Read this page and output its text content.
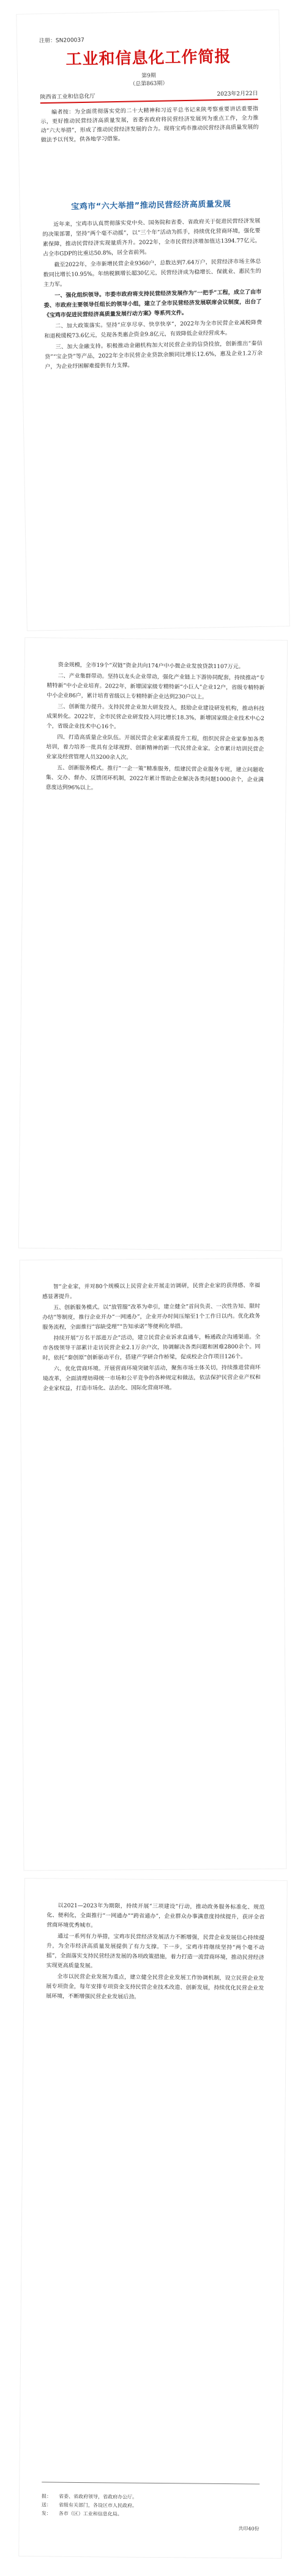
注册：SN200037
工业和信息化工作简报
第9期
（总第863期）
陕西省工业和信息化厅	2023年2月22日
编者按：为全面贯彻落实党的二十大精神和习近平总书记来陕考察重要讲话重要指示，更好推动民营经济高质量发展，省委省政府将民营经济发展列为重点工作，全力推动“六大举措”，形成了推动民营经济发展的合力。现将宝鸡市推动民营经济高质量发展的做法予以刊发，供各地学习借鉴。
宝鸡市“六大举措”推动民营经济高质量发展

近年来，宝鸡市认真贯彻落实党中央、国务院和省委、省政府关于促进民营经济发展的决策部署，坚持“两个毫不动摇”，以“三个年”活动为抓手，持续优化营商环境，强化要素保障，推动民营经济实现量质齐升。2022年，全市民营经济增加值达1394.77亿元，占全市GDP的比重达50.8%，居全省前列。

截至2022年，全市新增民营企业9360户，总数达到7.64万户，民营经济市场主体总数同比增长10.95%。年纳税额增长超30亿元，民营经济成为稳增长、保就业、惠民生的主力军。

一、强化组织领导。市委市政府将支持民营经济发展作为“一把手”工程，成立了由市委、市政府主要领导任组长的领导小组，建立了全市民营经济发展联席会议制度，出台了《宝鸡市促进民营经济高质量发展行动方案》等系列文件。

二、加大政策落实。坚持“应享尽享、快享快享”，2022年为全市民营企业减税降费和退税缓税73.6亿元，兑现各类惠企资金9.8亿元，有效降低企业经营成本。

三、加大金融支持。积极推动金融机构加大对民营企业的信贷投放，创新推出“秦信贷”“宝企贷”等产品，2022年全市民营企业贷款余额同比增长12.6%，惠及企业1.2万余户，为企业纾困解难提供有力支撑。

资金规模，全市19个“双链”资金共向174户中小微企业发放贷款1107万元。

二、产业集群带动。坚持以龙头企业带动，强化产业链上下游协同配套，持续推动“专精特新”中小企业培育。2022年，新增国家级专精特新“小巨人”企业12户，省级专精特新中小企业86户，累计培育省级以上专精特新企业达到230户以上。

三、创新能力提升。支持民营企业加大研发投入，鼓励企业建设研发机构，推动科技成果转化。2022年，全市民营企业研发投入同比增长18.3%，新增国家级企业技术中心2个，省级企业技术中心16个。

四、打造高质量企业队伍。开展民营企业家素质提升工程，组织民营企业家参加各类培训，着力培养一批具有全球视野、创新精神的新一代民营企业家。全市累计培训民营企业家及经营管理人员3200余人次。

五、创新服务模式。推行“一企一策”精准服务，组建民营企业服务专班，建立问题收集、交办、督办、反馈闭环机制，2022年累计帮助企业解决各类问题1000余个，企业满意度达到96%以上。

智”企业家，并对80个规模以上民营企业开展走访调研，民营企业家的获得感、幸福感显著提升。

五、创新服务模式。以“放管服”改革为牵引，建立健全“首问负责、一次性告知、限时办结”等制度，推行企业开办“一网通办”，企业开办时间压缩至1个工作日以内。优化政务服务流程，全面推行“容缺受理”“告知承诺”等便利化举措。

持续开展“万名干部进万企”活动，建立民营企业诉求直通车，畅通政企沟通渠道。全市各级领导干部累计走访民营企业2.1万余户次，协调解决各类问题和困难2800余个。同时，依托“秦创原”创新驱动平台，搭建产学研合作桥梁，促成校企合作项目126个。

六、优化营商环境。开展营商环境突破年活动，聚焦市场主体关切，持续推进营商环境改革，全面清理妨碍统一市场和公平竞争的各种规定和做法，依法保护民营企业产权和企业家权益，打造市场化、法治化、国际化营商环境。

以2021—2023年为期限，持续开展“三项建设”行动，推动政务服务标准化、规范化、便利化，全面推行“一网通办”“跨省通办”，企业群众办事满意度持续提升，获评全省营商环境优秀城市。

通过一系列有力举措，宝鸡市民营经济发展活力不断增强，民营企业发展信心持续提升，为全市经济高质量发展提供了有力支撑。下一步，宝鸡市将继续坚持“两个毫不动摇”，全面落实支持民营经济发展的各项政策措施，着力打造一流营商环境，推动民营经济实现更高质量发展。

全市以民营企业发展为重点，建立健全民营企业发展工作协调机制，设立民营企业发展专项资金，每年安排专项资金支持民营企业技术改造、创新发展，持续优化民营企业发展环境，不断增强民营企业发展后劲。

报：	省委、省政府领导，省政府办公厅。
送：	省级有关部门，各设区市人民政府。
发：	各市（区）工业和信息化局。
共印40份
